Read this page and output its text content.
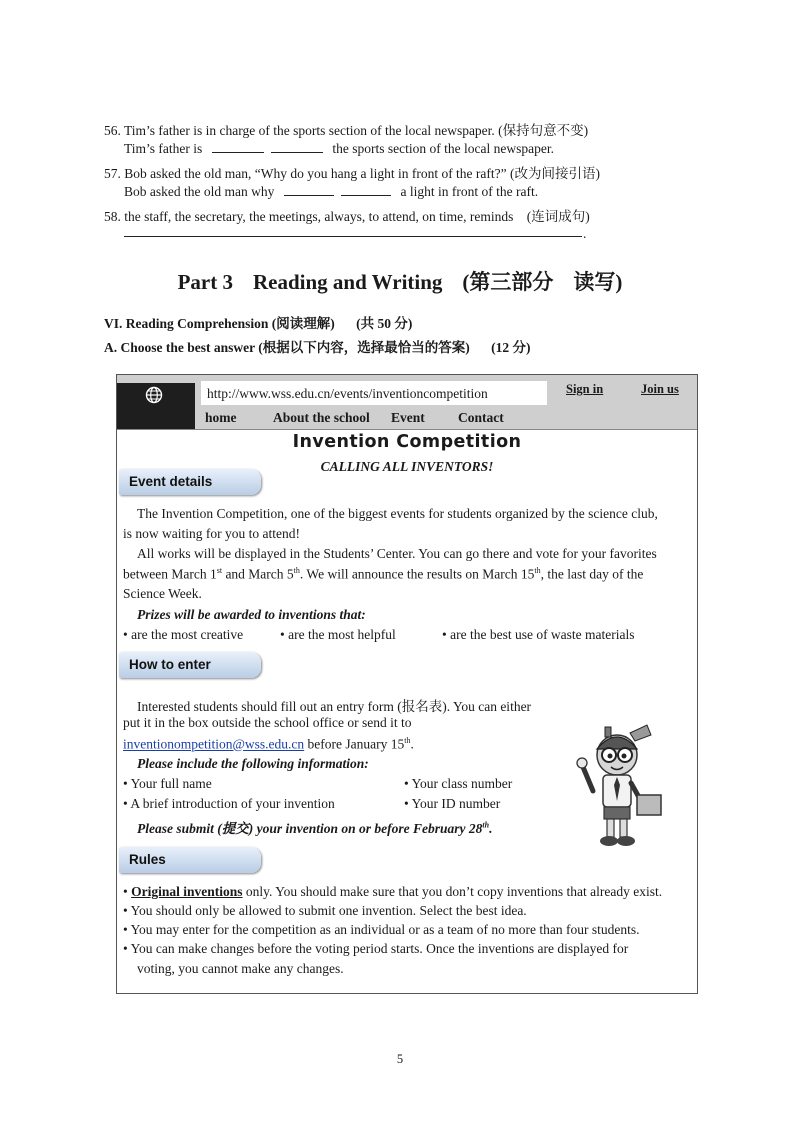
56. Tim’s father is in charge of the sports section of the local newspaper. (保持句意不变)
Tim’s father is	the sports section of the local newspaper.
57. Bob asked the old man, “Why do you hang a light in front of the raft?” (改为间接引语)
Bob asked the old man why	a light in front of the raft.
58. the staff, the secretary, the meetings, always, to attend, on time, reminds (连词成句)
.
Part 3 Reading and Writing (第三部分 读写)
VI. Reading Comprehension (阅读理解) (共 50 分)
A. Choose the best answer (根据以下内容，选择最恰当的答案) (12 分)
http://www.wss.edu.cn/events/inventioncompetition	Sign in	Join us
home	About the school Event Contact
Invention Competition
CALLING ALL INVENTORS!
Event details
The Invention Competition, one of the biggest events for students organized by the science club,
is now waiting for you to attend!
All works will be displayed in the Students’ Center. You can go there and vote for your favorites
between March 1st and March 5th. We will announce the results on March 15th, the last day of the
Science Week.
Prizes will be awarded to inventions that:
• are the most creative	• are the most helpful	• are the best use of waste materials
How to enter
Interested students should fill out an entry form (报名表). You can either
put it in the box outside the school office or send it to
inventionompetition@wss.edu.cn before January 15th.
Please include the following information:
• Your full name	• Your class number
• A brief introduction of your invention	• Your ID number
Please submit (提交) your invention on or before February 28th.
Rules
• Original inventions only. You should make sure that you don’t copy inventions that already exist.
• You should only be allowed to submit one invention. Select the best idea.
• You may enter for the competition as an individual or as a team of no more than four students.
• You can make changes before the voting period starts. Once the inventions are displayed for
voting, you cannot make any changes.
5
